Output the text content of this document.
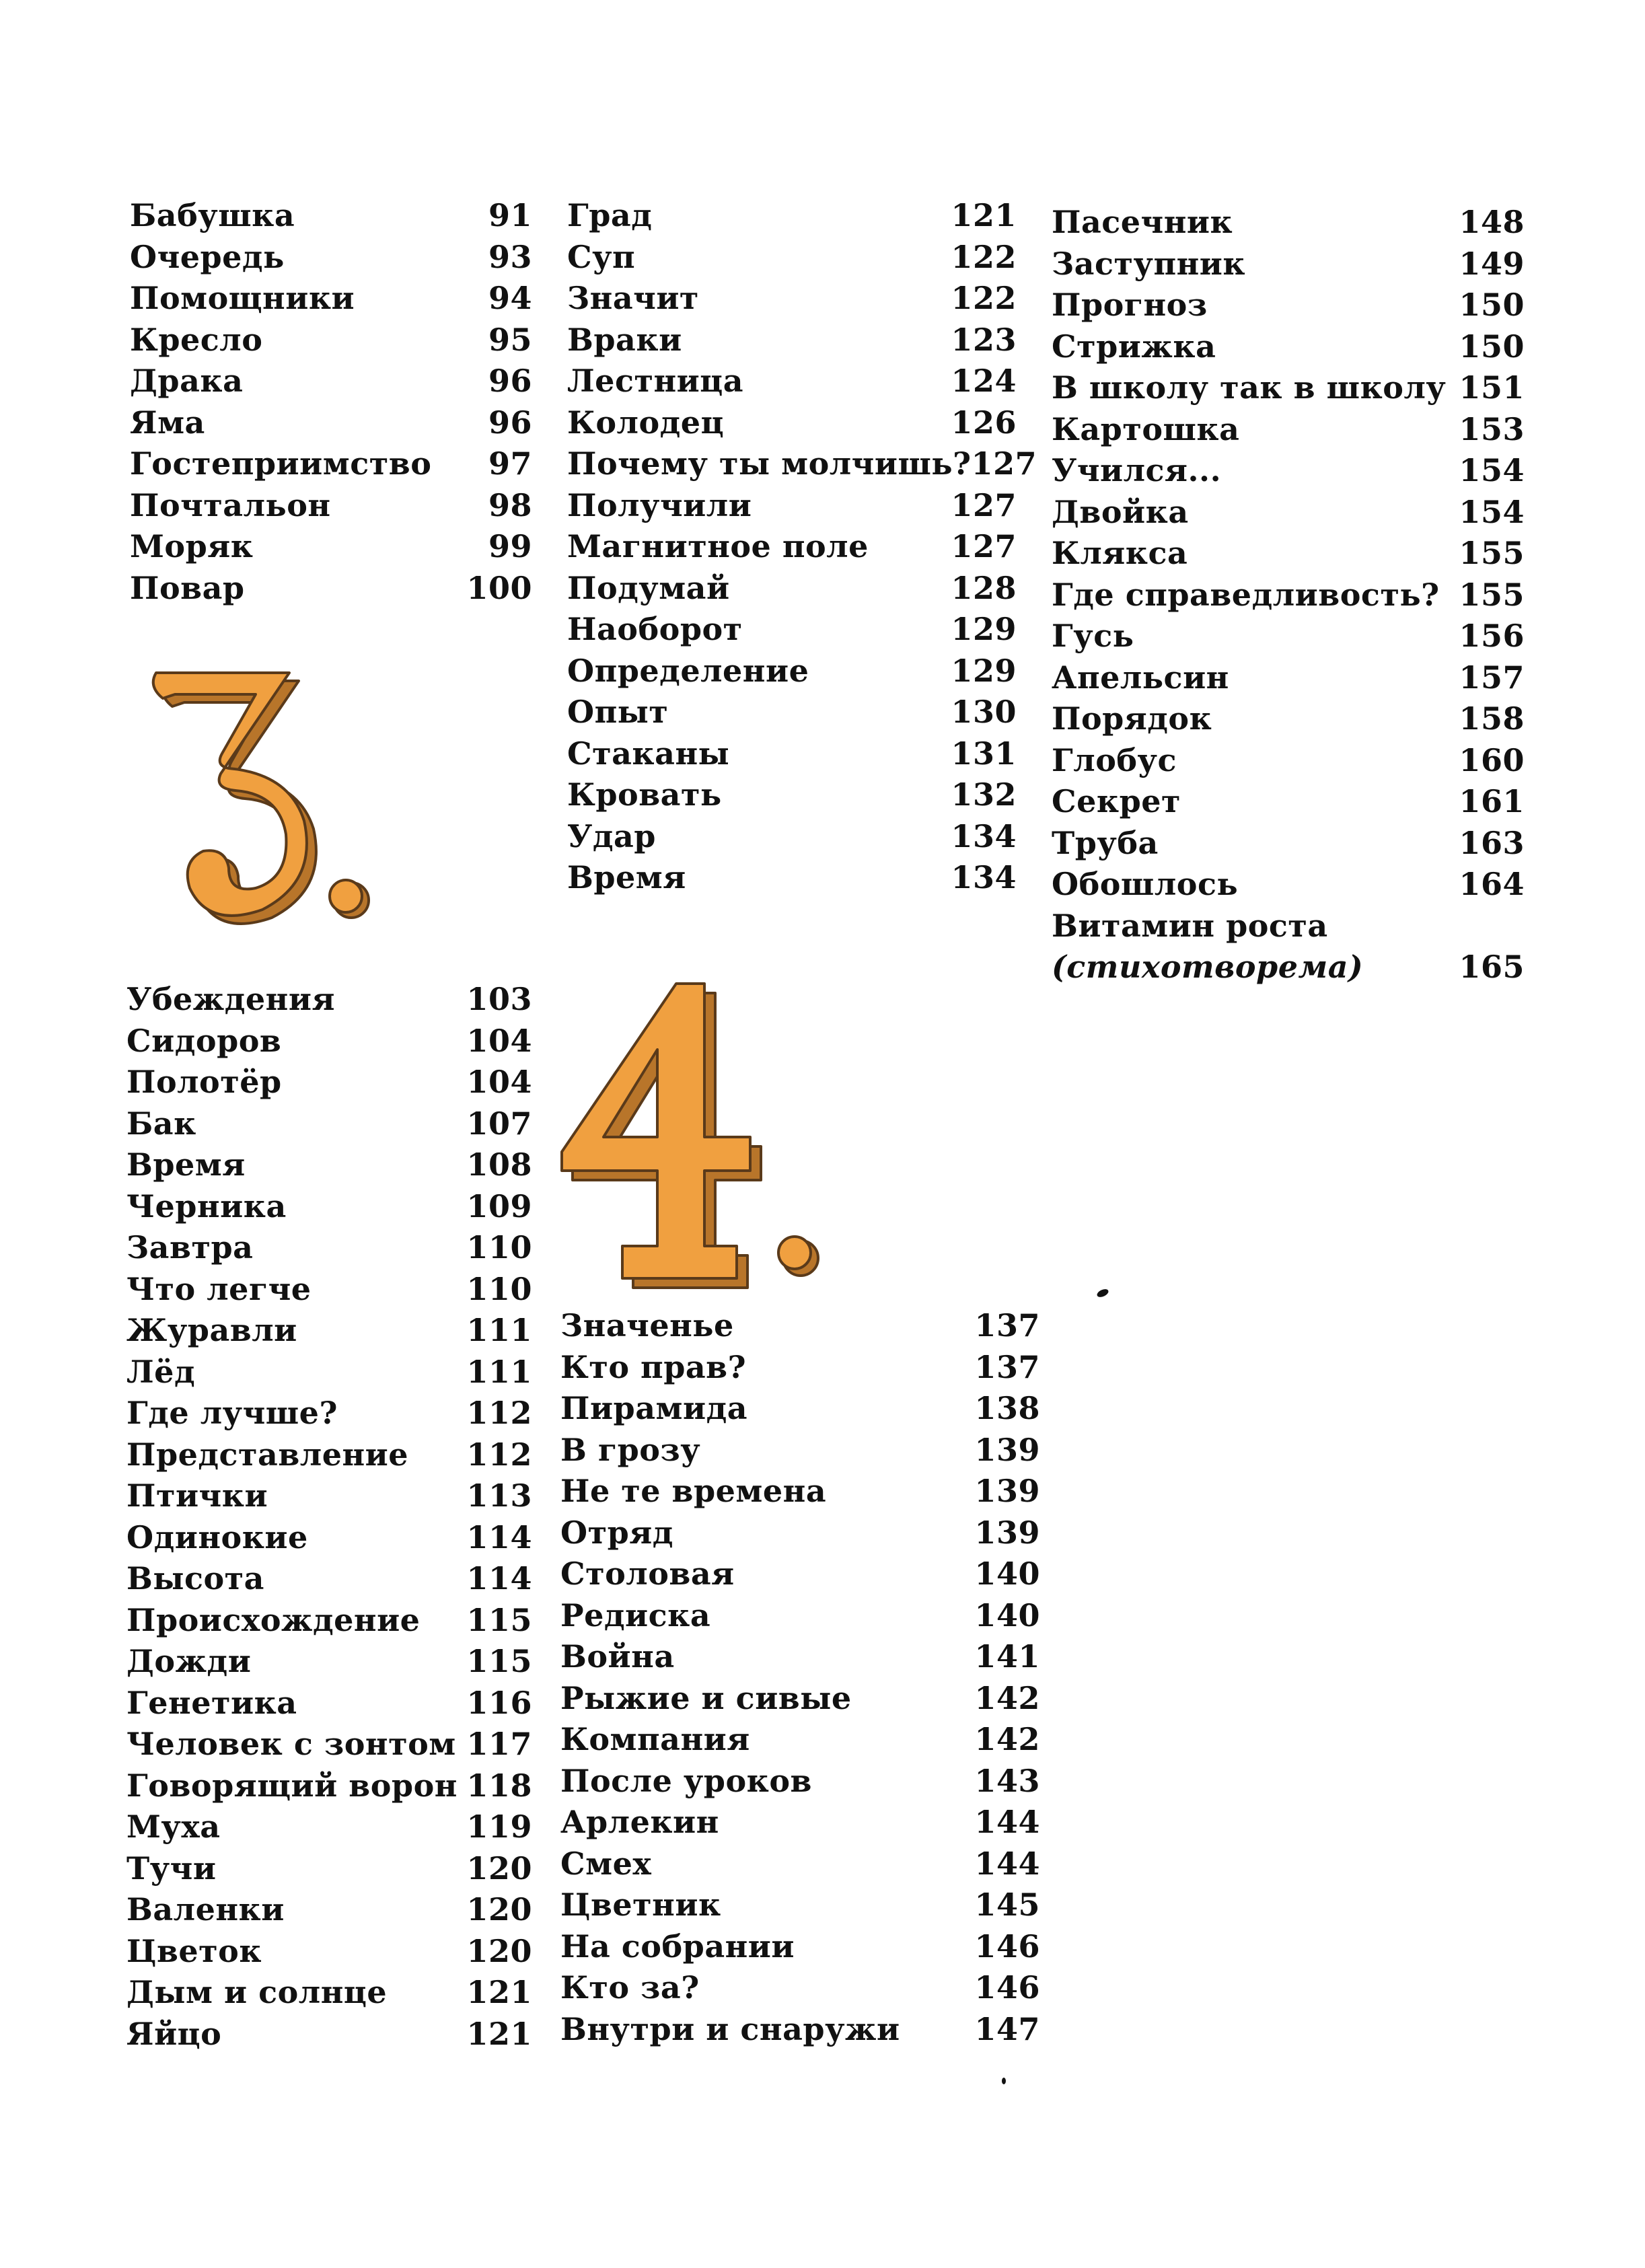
Бабушка	91
Очередь	93
Помощники	94
Кресло	95
Драка	96
Яма	96
Гостеприимство	97
Почтальон	98
Моряк	99
Повар	100
Убеждения	103
Сидоров	104
Полотёр	104
Бак	107
Время	108
Черника	109
Завтра	110
Что легче	110
Журавли	111
Лёд	111
Где лучше?	112
Представление 112
Птички	113
Одинокие	114
Высота	114
Происхождение 115
Дожди	115
Генетика	116
Человек с зонтом 117
Говорящий ворон 118
Муха	119
Тучи	120
Валенки	120
Цветок	120
Дым и солнце	121
Яйцо	121
Град	121
Суп	122
Значит	122
Враки	123
Лестница	124
Колодец	126
Почему ты молчишь? 127
Получили	127
Магнитное поле	127
Подумай	128
Наоборот	129
Определение	129
Опыт	130
Стаканы	131
Кровать	132
Удар	134
Время	134
Значенье	137
Кто прав?	137
Пирамида	138
В грозу	139
Не те времена	139
Отряд	139
Столовая	140
Редиска	140
Война	141
Рыжие и сивые	142
Компания	142
После уроков	143
Арлекин	144
Смех	144
Цветник	145
На собрании	146
Кто за?	146
Внутри и снаружи 147
Пасечник	148
Заступник	149
Прогноз	150
Стрижка	150
В школу так в школу 151
Картошка	153
Учился...	154
Двойка	154
Клякса	155
Где справедливость? 155
Гусь	156
Апельсин	157
Порядок	158
Глобус	160
Секрет	161
Труба	163
Обошлось	164
Витамин роста
(стихотворема)	165
